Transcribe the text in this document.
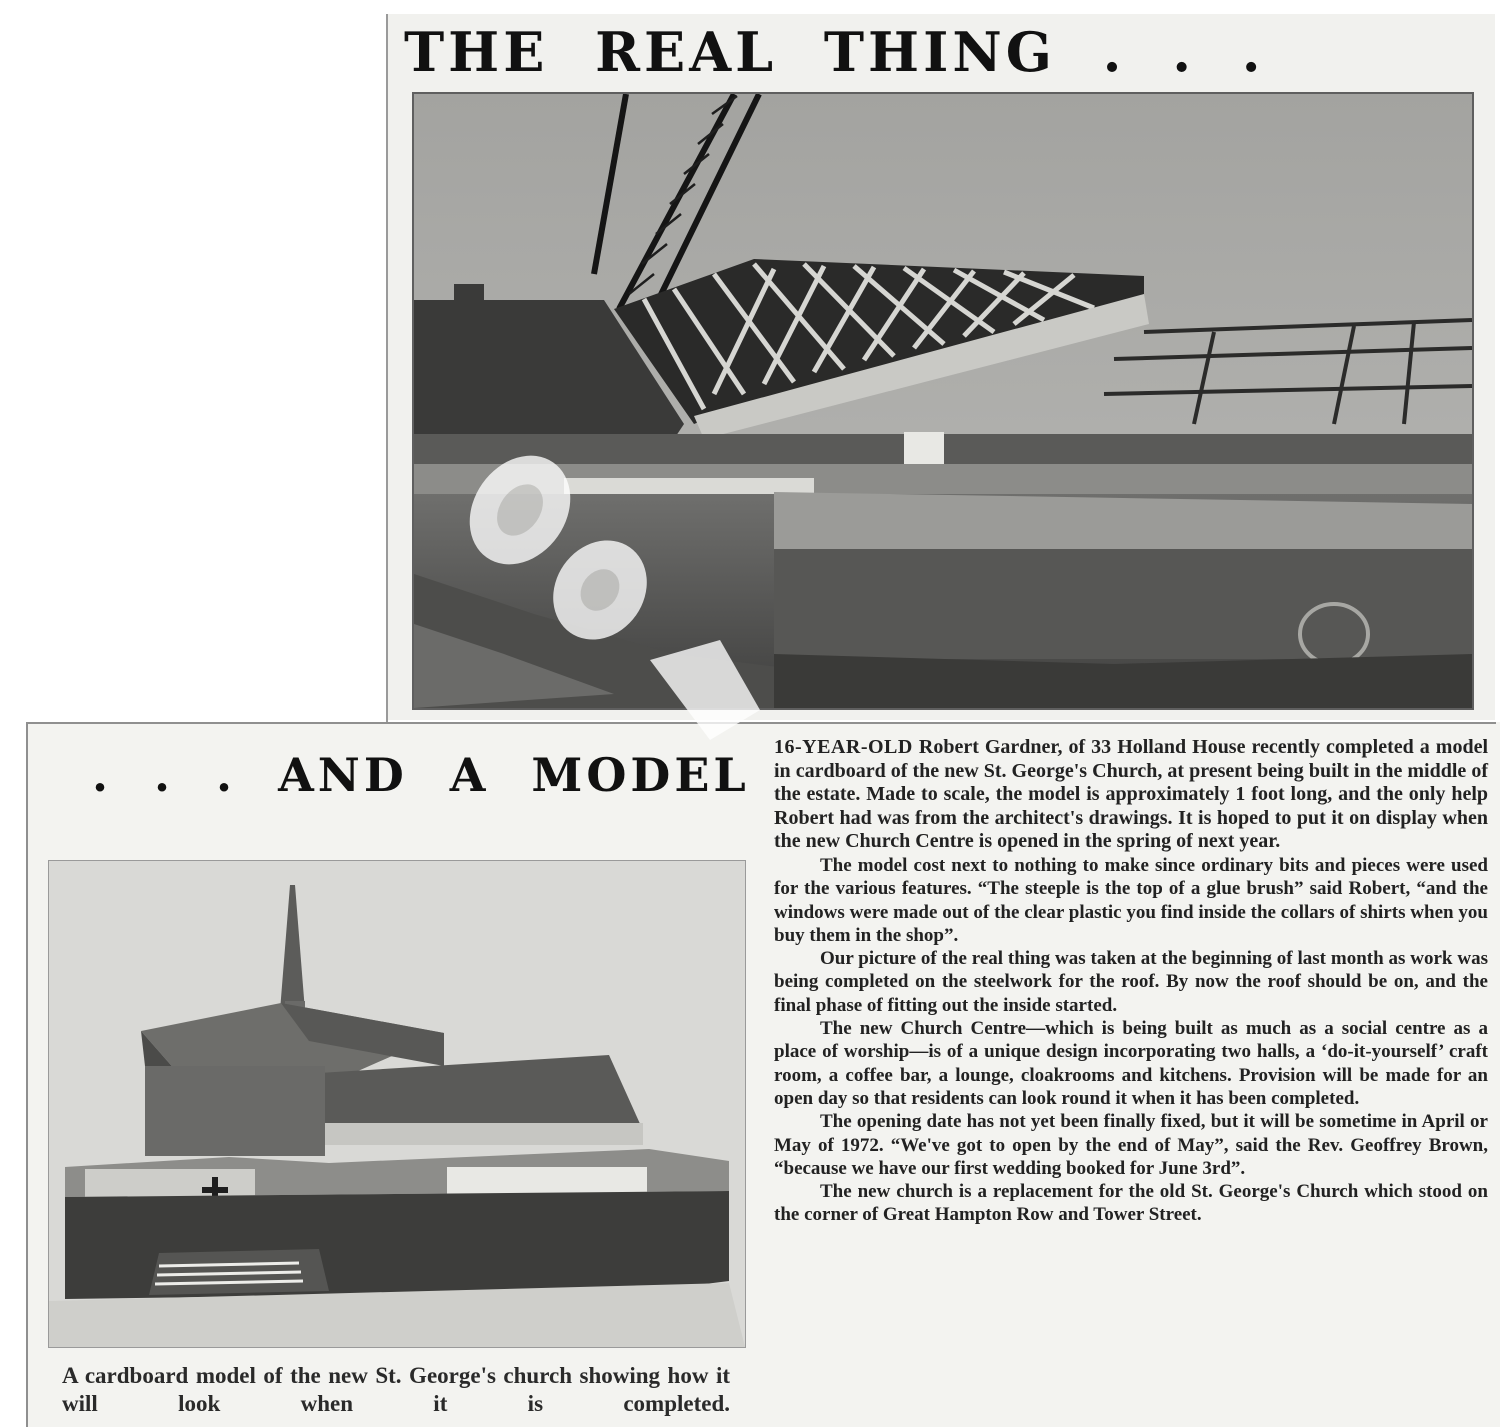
THE REAL THING . . .
. . . AND A MODEL
A cardboard model of the new St. George's church showing how it will look when it is completed.

16-YEAR-OLD Robert Gardner, of 33 Holland House recently completed a model in cardboard of the new St. George's Church, at present being built in the middle of the estate. Made to scale, the model is approximately 1 foot long, and the only help Robert had was from the architect's drawings. It is hoped to put it on display when the new Church Centre is opened in the spring of next year.

The model cost next to nothing to make since ordinary bits and pieces were used for the various features. “The steeple is the top of a glue brush” said Robert, “and the windows were made out of the clear plastic you find inside the collars of shirts when you buy them in the shop”.

Our picture of the real thing was taken at the beginning of last month as work was being completed on the steelwork for the roof. By now the roof should be on, and the final phase of fitting out the inside started.

The new Church Centre—which is being built as much as a social centre as a place of worship—is of a unique design incorporating two halls, a ‘do-it-yourself’ craft room, a coffee bar, a lounge, cloakrooms and kitchens. Provision will be made for an open day so that residents can look round it when it has been completed.

The opening date has not yet been finally fixed, but it will be sometime in April or May of 1972. “We've got to open by the end of May”, said the Rev. Geoffrey Brown, “because we have our first wedding booked for June 3rd”.

The new church is a replacement for the old St. George's Church which stood on the corner of Great Hampton Row and Tower Street.
